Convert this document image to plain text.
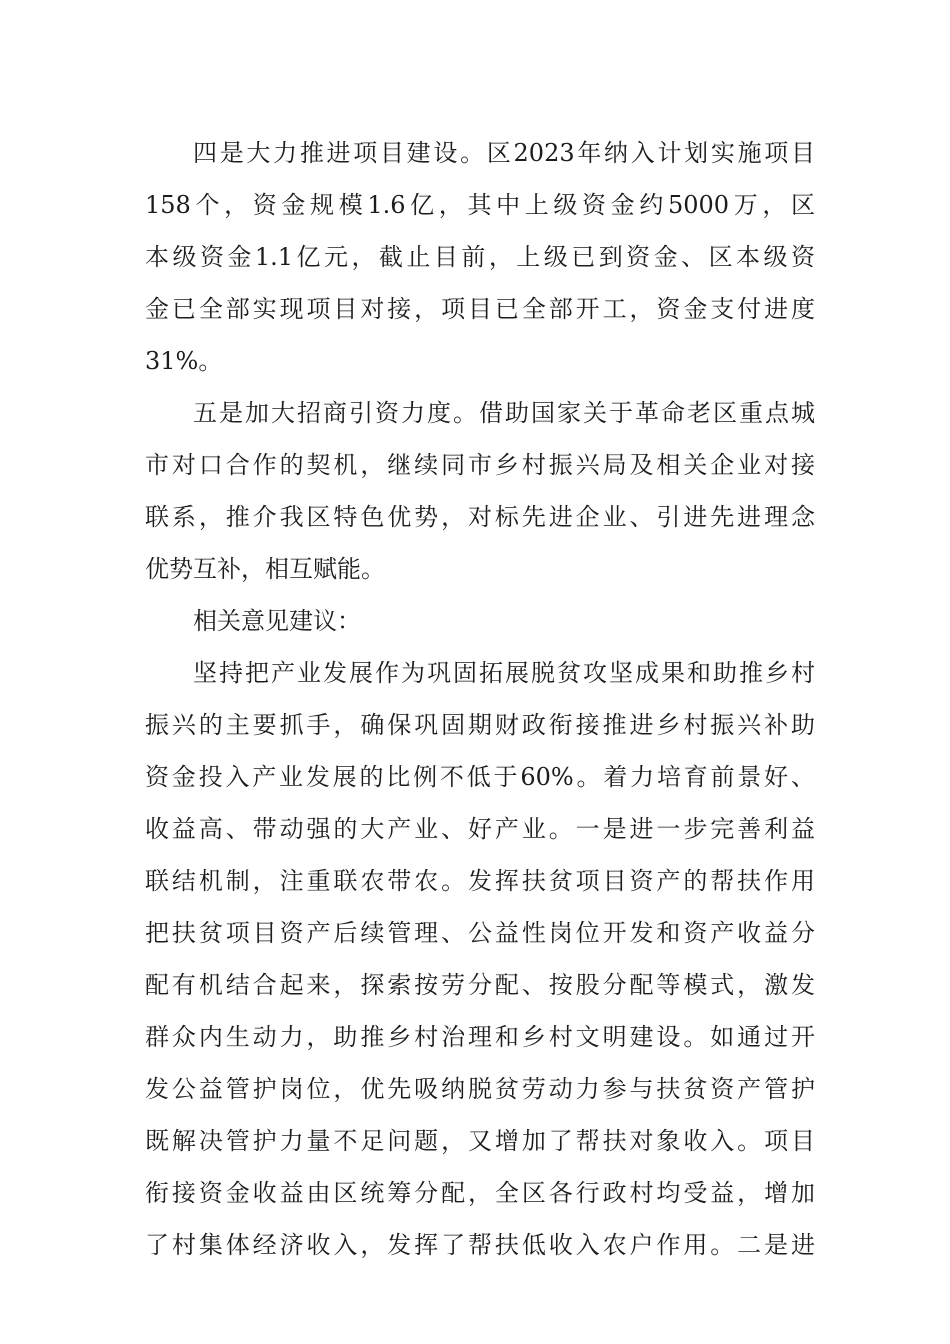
四是大力推进项目建设。区2023年纳入计划实施项目
158个，资金规模1.6亿，其中上级资金约5000万，区
本级资金1.1亿元，截止目前，上级已到资金、区本级资
金已全部实现项目对接，项目已全部开工，资金支付进度
31%。
五是加大招商引资力度。借助国家关于革命老区重点城
市对口合作的契机，继续同市乡村振兴局及相关企业对接
联系，推介我区特色优势，对标先进企业、引进先进理念
优势互补，相互赋能。
相关意见建议：
坚持把产业发展作为巩固拓展脱贫攻坚成果和助推乡村
振兴的主要抓手，确保巩固期财政衔接推进乡村振兴补助
资金投入产业发展的比例不低于60%。着力培育前景好、
收益高、带动强的大产业、好产业。一是进一步完善利益
联结机制，注重联农带农。发挥扶贫项目资产的帮扶作用
把扶贫项目资产后续管理、公益性岗位开发和资产收益分
配有机结合起来，探索按劳分配、按股分配等模式，激发
群众内生动力，助推乡村治理和乡村文明建设。如通过开
发公益管护岗位，优先吸纳脱贫劳动力参与扶贫资产管护
既解决管护力量不足问题，又增加了帮扶对象收入。项目
衔接资金收益由区统筹分配，全区各行政村均受益，增加
了村集体经济收入，发挥了帮扶低收入农户作用。二是进
